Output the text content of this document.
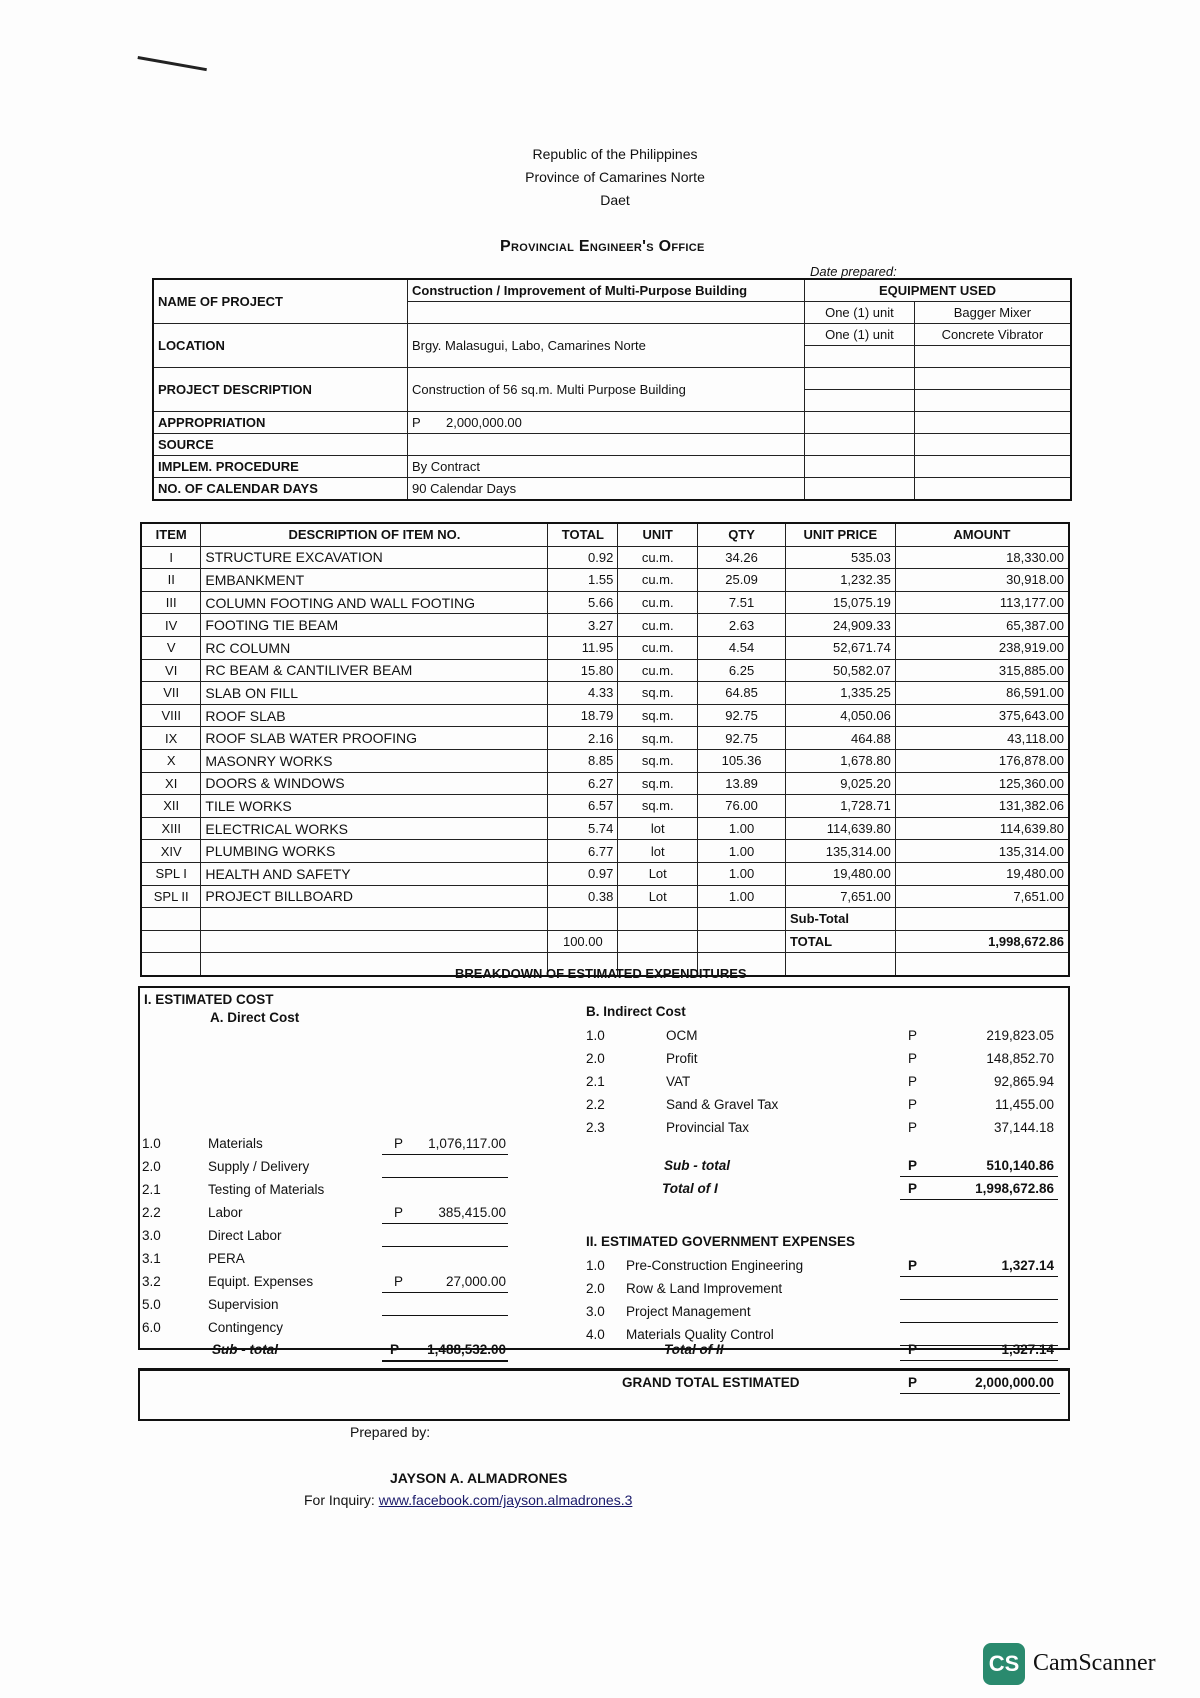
Republic of the Philippines
Province of Camarines Norte
Daet
Provincial Engineer's Office
Date prepared:
NAME OF PROJECT	Construction / Improvement of Multi-Purpose Building	EQUIPMENT USED	
		One (1) unit	Bagger Mixer
LOCATION	Brgy. Malasugui, Labo, Camarines Norte	One (1) unit	Concrete Vibrator

PROJECT DESCRIPTION	Construction of 56 sq.m. Multi Purpose Building		

APPROPRIATION	P 2,000,000.00		
SOURCE			
IMPLEM. PROCEDURE	By Contract		
NO. OF CALENDAR DAYS	90 Calendar Days		
ITEM	DESCRIPTION OF ITEM NO.	TOTAL	UNIT	QTY	UNIT PRICE	AMOUNT
I	STRUCTURE EXCAVATION	0.92	cu.m.	34.26	535.03	18,330.00
II	EMBANKMENT	1.55	cu.m.	25.09	1,232.35	30,918.00
III	COLUMN FOOTING AND WALL FOOTING	5.66	cu.m.	7.51	15,075.19	113,177.00
IV	FOOTING TIE BEAM	3.27	cu.m.	2.63	24,909.33	65,387.00
V	RC COLUMN	11.95	cu.m.	4.54	52,671.74	238,919.00
VI	RC BEAM & CANTILIVER BEAM	15.80	cu.m.	6.25	50,582.07	315,885.00
VII	SLAB ON FILL	4.33	sq.m.	64.85	1,335.25	86,591.00
VIII	ROOF SLAB	18.79	sq.m.	92.75	4,050.06	375,643.00
IX	ROOF SLAB WATER PROOFING	2.16	sq.m.	92.75	464.88	43,118.00
X	MASONRY WORKS	8.85	sq.m.	105.36	1,678.80	176,878.00
XI	DOORS & WINDOWS	6.27	sq.m.	13.89	9,025.20	125,360.00
XII	TILE WORKS	6.57	sq.m.	76.00	1,728.71	131,382.06
XIII	ELECTRICAL WORKS	5.74	lot	1.00	114,639.80	114,639.80
XIV	PLUMBING WORKS	6.77	lot	1.00	135,314.00	135,314.00
SPL I	HEALTH AND SAFETY	0.97	Lot	1.00	19,480.00	19,480.00
SPL II	PROJECT BILLBOARD	0.38	Lot	1.00	7,651.00	7,651.00
					Sub-Total	
		100.00			TOTAL	1,998,672.86

BREAKDOWN OF ESTIMATED EXPENDITURES
I. ESTIMATED COST
A. Direct Cost
Sub - total	P	1,488,532.00
B. Indirect Cost
Sub - total	P	510,140.86
Total of I	P	1,998,672.86
II. ESTIMATED GOVERNMENT EXPENSES
Total of II	P	1,327.14
1.0	Materials	P	1,076,117.00
2.0	Supply / Delivery
2.1	Testing of Materials
2.2	Labor	P	385,415.00
3.0	Direct Labor
3.1	PERA
3.2	Equipt. Expenses	P	27,000.00
5.0	Supervision
6.0	Contingency
1.0	OCM	P	219,823.05
2.0	Profit	P	148,852.70
2.1	VAT	P	92,865.94
2.2	Sand & Gravel Tax	P	11,455.00
2.3	Provincial Tax	P	37,144.18
1.0 Pre-Construction Engineering	P	1,327.14
2.0 Row & Land Improvement
3.0 Project Management
4.0 Materials Quality Control
GRAND TOTAL ESTIMATED	P	2,000,000.00
Prepared by:
JAYSON A. ALMADRONES
For Inquiry: www.facebook.com/jayson.almadrones.3
CS CamScanner
